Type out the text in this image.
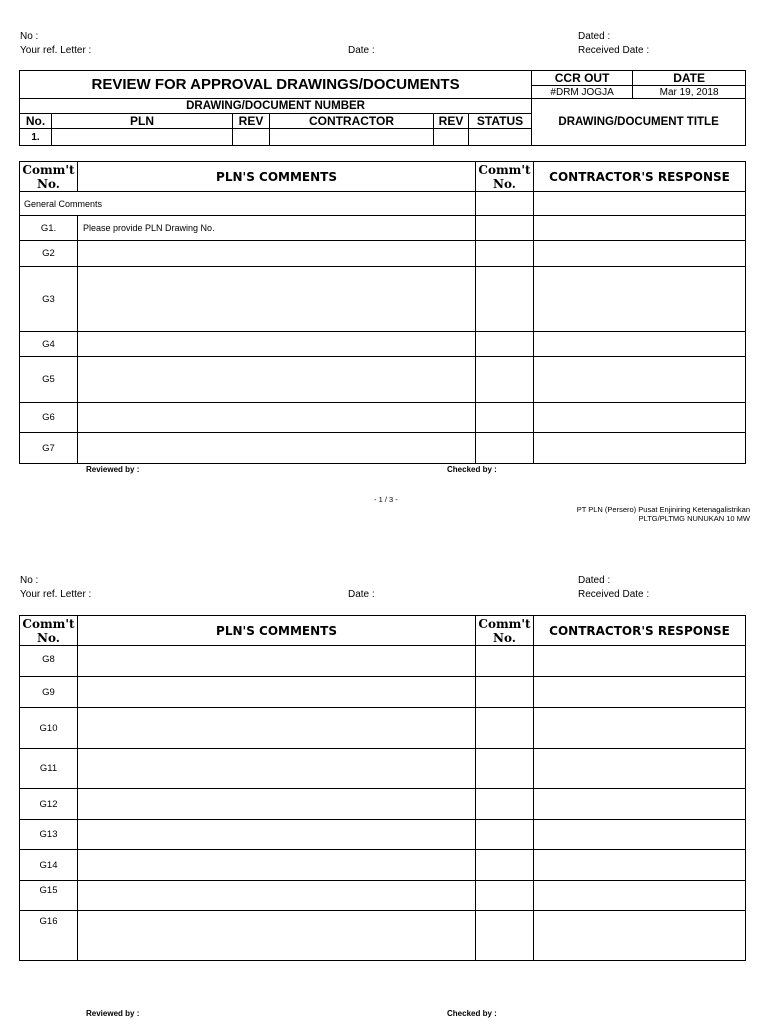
No :
Your ref. Letter :	Date :
Dated :
Received Date :
REVIEW FOR APPROVAL DRAWINGS/DOCUMENTS						CCR OUT	DATE
						#DRM JOGJA	Mar 19, 2018
DRAWING/DOCUMENT NUMBER						DRAWING/DOCUMENT TITLE	
No.	PLN	REV	CONTRACTOR	REV	STATUS		
1.							
Comm't No.	PLN'S COMMENTS	Comm't No.	CONTRACTOR'S RESPONSE
General Comments			
G1.	Please provide PLN Drawing No.		
G2			
G3			
G4			
G5			
G6			
G7			
Reviewed by :	Checked by :
- 1 / 3 -
PT PLN (Persero) Pusat Enjiniring Ketenagalistrikan
PLTG/PLTMG NUNUKAN 10 MW
No :
Your ref. Letter :	Date :
Dated :
Received Date :
Comm't No.	PLN'S COMMENTS	Comm't No.	CONTRACTOR'S RESPONSE
G8			
G9			
G10			
G11			
G12			
G13			
G14			
G15			
G16			
Reviewed by :	Checked by :
